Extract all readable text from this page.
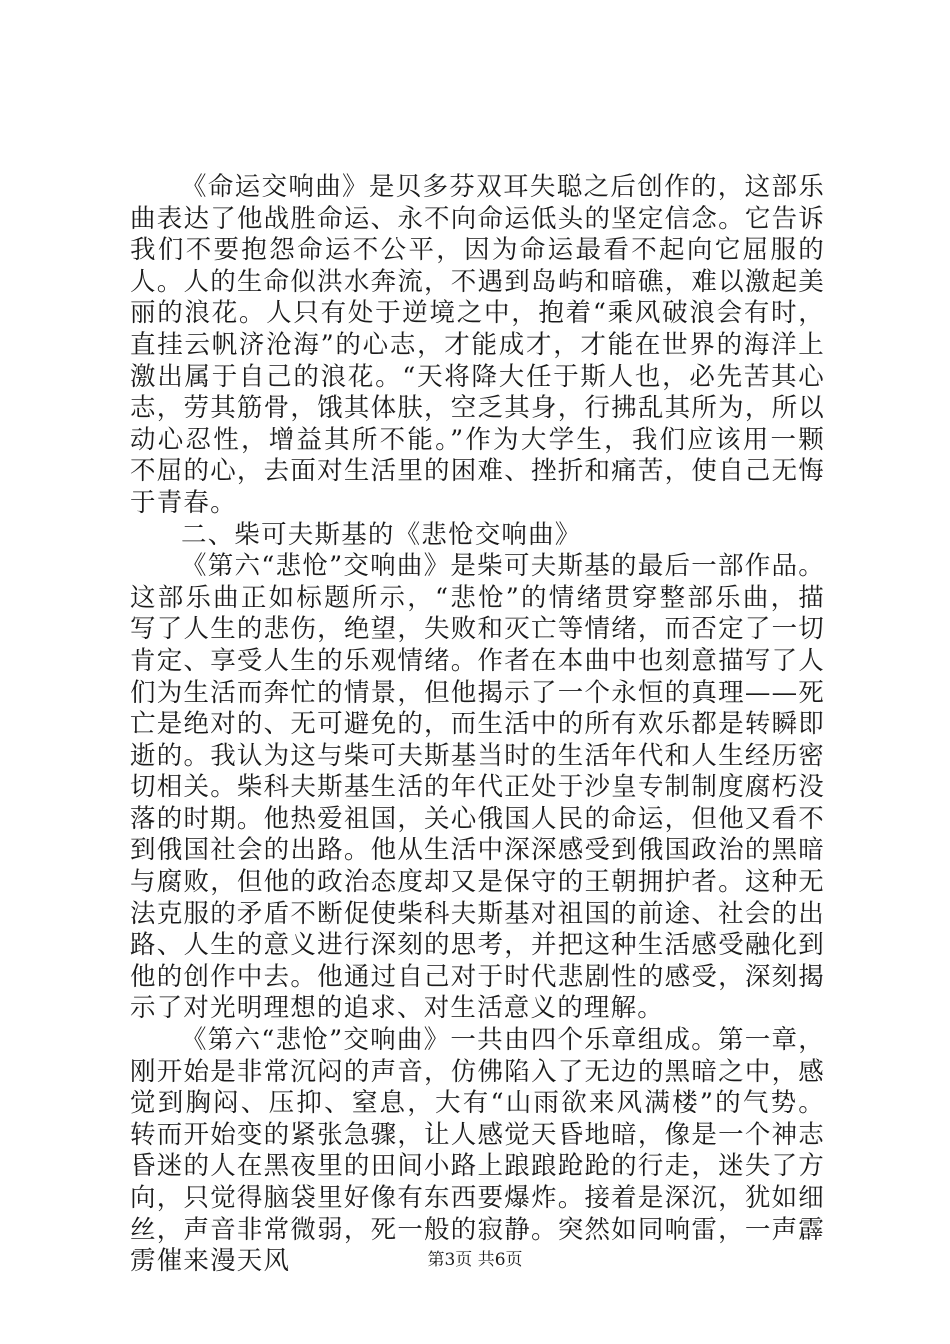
《命运交响曲》是贝多芬双耳失聪之后创作的，这部乐曲表达了他战胜命运、永不向命运低头的坚定信念。它告诉我们不要抱怨命运不公平，因为命运最看不起向它屈服的人。人的生命似洪水奔流，不遇到岛屿和暗礁，难以激起美丽的浪花。人只有处于逆境之中，抱着“乘风破浪会有时，直挂云帆济沧海”的心志，才能成才，才能在世界的海洋上激出属于自己的浪花。“天将降大任于斯人也，必先苦其心志，劳其筋骨，饿其体肤，空乏其身，行拂乱其所为，所以动心忍性，增益其所不能。”作为大学生，我们应该用一颗不屈的心，去面对生活里的困难、挫折和痛苦，使自己无悔于青春。

二、柴可夫斯基的《悲怆交响曲》

《第六“悲怆”交响曲》是柴可夫斯基的最后一部作品。这部乐曲正如标题所示，“悲怆”的情绪贯穿整部乐曲，描写了人生的悲伤，绝望，失败和灭亡等情绪，而否定了一切肯定、享受人生的乐观情绪。作者在本曲中也刻意描写了人们为生活而奔忙的情景，但他揭示了一个永恒的真理——死亡是绝对的、无可避免的，而生活中的所有欢乐都是转瞬即逝的。我认为这与柴可夫斯基当时的生活年代和人生经历密切相关。柴科夫斯基生活的年代正处于沙皇专制制度腐朽没落的时期。他热爱祖国，关心俄国人民的命运，但他又看不到俄国社会的出路。他从生活中深深感受到俄国政治的黑暗与腐败，但他的政治态度却又是保守的王朝拥护者。这种无法克服的矛盾不断促使柴科夫斯基对祖国的前途、社会的出路、人生的意义进行深刻的思考，并把这种生活感受融化到他的创作中去。他通过自己对于时代悲剧性的感受，深刻揭示了对光明理想的追求、对生活意义的理解。

《第六“悲怆”交响曲》一共由四个乐章组成。第一章，刚开始是非常沉闷的声音，仿佛陷入了无边的黑暗之中，感觉到胸闷、压抑、窒息，大有“山雨欲来风满楼”的气势。转而开始变的紧张急骤，让人感觉天昏地暗，像是一个神志昏迷的人在黑夜里的田间小路上踉踉跄跄的行走，迷失了方向，只觉得脑袋里好像有东西要爆炸。接着是深沉，犹如细丝，声音非常微弱，死一般的寂静。突然如同响雷，一声霹雳催来漫天风	第3页 共6页
